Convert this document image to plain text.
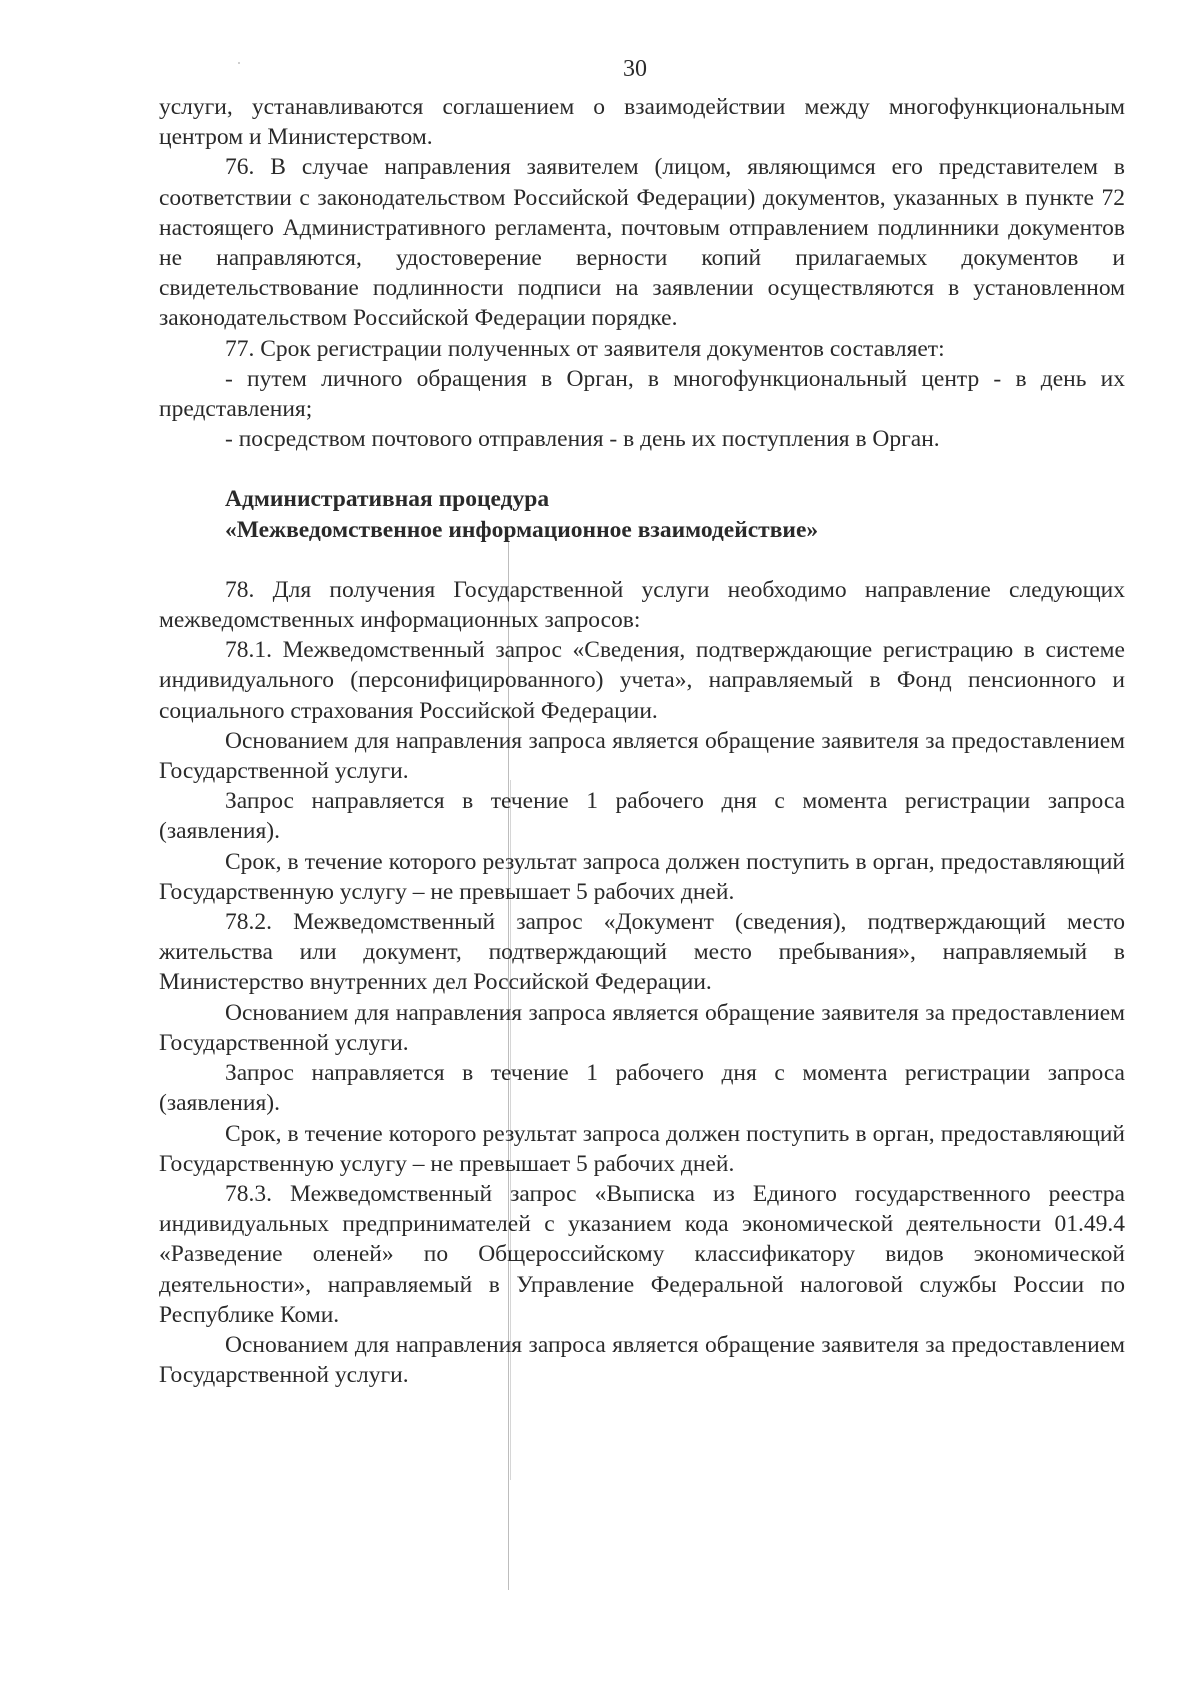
30

услуги, устанавливаются соглашением о взаимодействии между многофункциональным центром и Министерством.

76. В случае направления заявителем (лицом, являющимся его представителем в соответствии с законодательством Российской Федерации) документов, указанных в пункте 72 настоящего Административного регламента, почтовым отправлением подлинники документов не направляются, удостоверение верности копий прилагаемых документов и свидетельствование подлинности подписи на заявлении осуществляются в установленном законодательством Российской Федерации порядке.

77. Срок регистрации полученных от заявителя документов составляет:

- путем личного обращения в Орган, в многофункциональный центр - в день их представления;

- посредством почтового отправления - в день их поступления в Орган.

Административная процедура

«Межведомственное информационное взаимодействие»

78. Для получения Государственной услуги необходимо направление следующих межведомственных информационных запросов:

78.1. Межведомственный запрос «Сведения, подтверждающие регистрацию в системе индивидуального (персонифицированного) учета», направляемый в Фонд пенсионного и социального страхования Российской Федерации.

Основанием для направления запроса является обращение заявителя за предоставлением Государственной услуги.

Запрос направляется в течение 1 рабочего дня с момента регистрации запроса (заявления).

Срок, в течение которого результат запроса должен поступить в орган, предоставляющий Государственную услугу – не превышает 5 рабочих дней.

78.2. Межведомственный запрос «Документ (сведения), подтверждающий место жительства или документ, подтверждающий место пребывания», направляемый в Министерство внутренних дел Российской Федерации.

Основанием для направления запроса является обращение заявителя за предоставлением Государственной услуги.

Запрос направляется в течение 1 рабочего дня с момента регистрации запроса (заявления).

Срок, в течение которого результат запроса должен поступить в орган, предоставляющий Государственную услугу – не превышает 5 рабочих дней.

78.3. Межведомственный запрос «Выписка из Единого государственного реестра индивидуальных предпринимателей с указанием кода экономической деятельности 01.49.4 «Разведение оленей» по Общероссийскому классификатору видов экономической деятельности», направляемый в Управление Федеральной налоговой службы России по Республике Коми.

Основанием для направления запроса является обращение заявителя за предоставлением Государственной услуги.
